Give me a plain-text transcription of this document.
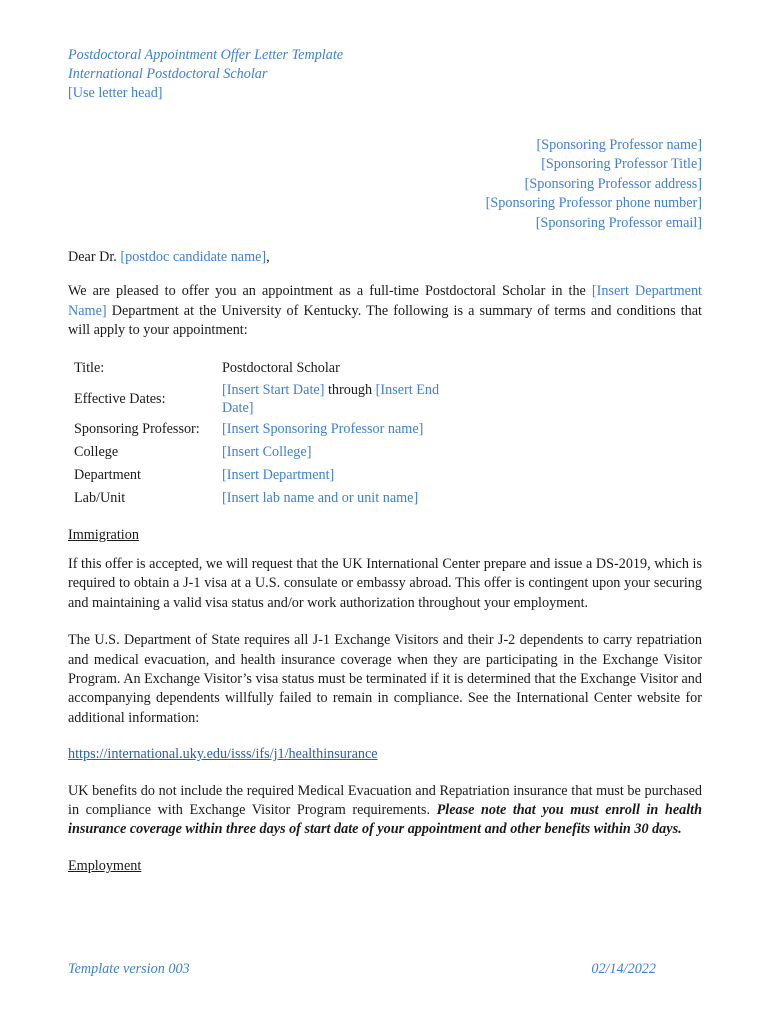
Postdoctoral Appointment Offer Letter Template
International Postdoctoral Scholar
[Use letter head]
[Sponsoring Professor name]
[Sponsoring Professor Title]
[Sponsoring Professor address]
[Sponsoring Professor phone number]
[Sponsoring Professor email]

Dear Dr. [postdoc candidate name],

We are pleased to offer you an appointment as a full-time Postdoctoral Scholar in the [Insert Department Name] Department at the University of Kentucky. The following is a summary of terms and conditions that will apply to your appointment:

Title:	Postdoctoral Scholar
Effective Dates:	[Insert Start Date] through [Insert End Date]
Sponsoring Professor:	[Insert Sponsoring Professor name]
College	[Insert College]
Department	[Insert Department]
Lab/Unit	[Insert lab name and or unit name]
Immigration

If this offer is accepted, we will request that the UK International Center prepare and issue a DS-2019, which is required to obtain a J-1 visa at a U.S. consulate or embassy abroad. This offer is contingent upon your securing and maintaining a valid visa status and/or work authorization throughout your employment.

The U.S. Department of State requires all J-1 Exchange Visitors and their J-2 dependents to carry repatriation and medical evacuation, and health insurance coverage when they are participating in the Exchange Visitor Program. An Exchange Visitor’s visa status must be terminated if it is determined that the Exchange Visitor and accompanying dependents willfully failed to remain in compliance. See the International Center website for additional information:

https://international.uky.edu/isss/ifs/j1/healthinsurance

UK benefits do not include the required Medical Evacuation and Repatriation insurance that must be purchased in compliance with Exchange Visitor Program requirements. Please note that you must enroll in health insurance coverage within three days of start date of your appointment and other benefits within 30 days.

Employment
Template version 003	02/14/2022
